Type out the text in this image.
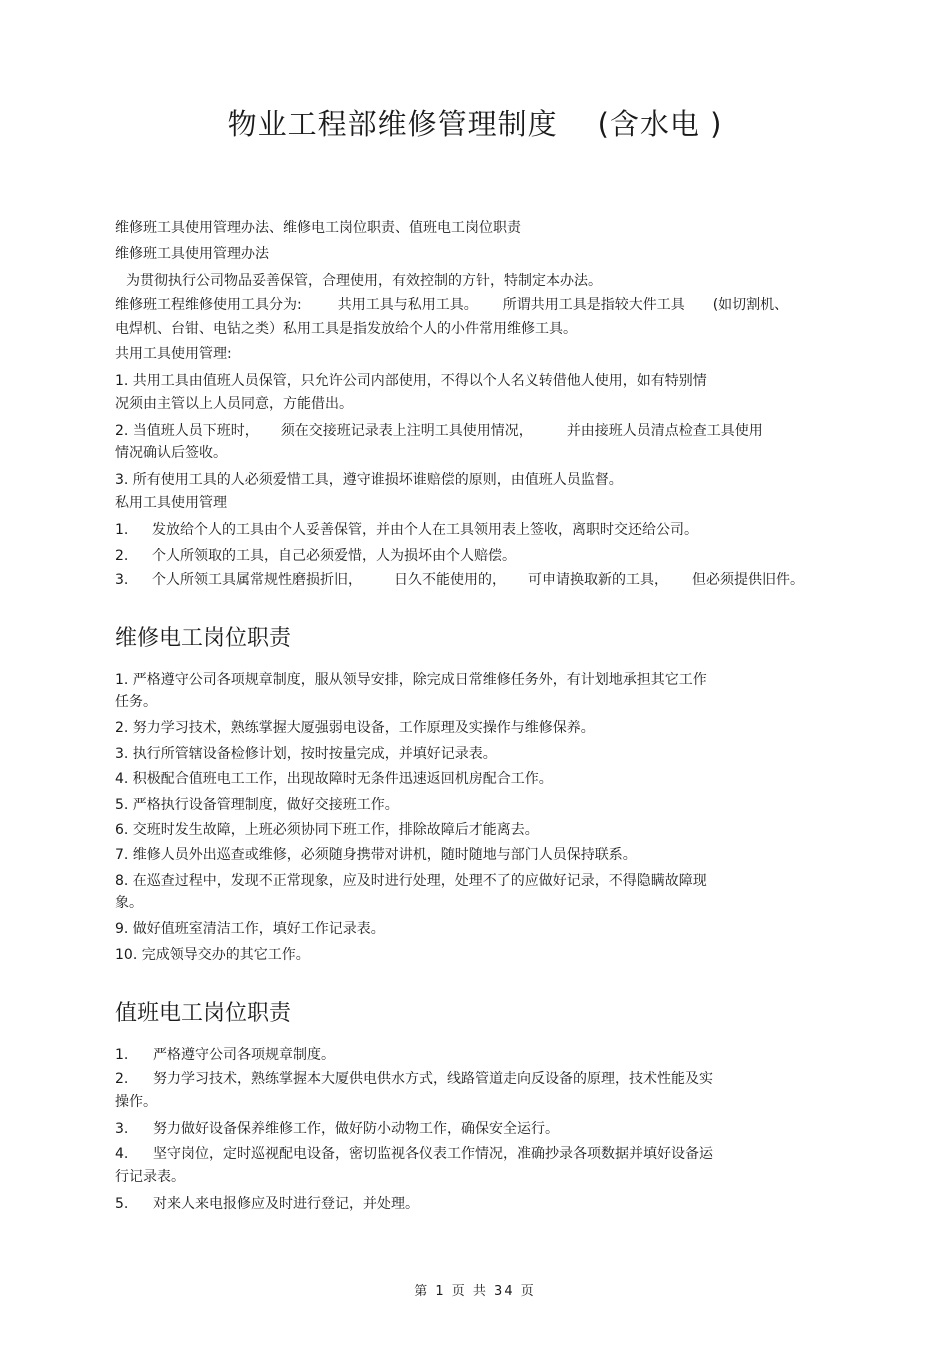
物业工程部维修管理制度 (含水电 )
维修班工具使用管理办法、维修电工岗位职责、值班电工岗位职责
维修班工具使用管理办法
为贯彻执行公司物品妥善保管，合理使用，有效控制的方针，特制定本办法。
维修班工程维修使用工具分为:	共用工具与私用工具。 所谓共用工具是指较大件工具 (如切割机、
电焊机、台钳、电钻之类）私用工具是指发放给个人的小件常用维修工具。
共用工具使用管理:
1. 共用工具由值班人员保管，只允许公司内部使用，不得以个人名义转借他人使用，如有特别情
况须由主管以上人员同意，方能借出。
2. 当值班人员下班时， 须在交接班记录表上注明工具使用情况， 并由接班人员清点检查工具使用
情况确认后签收。
3. 所有使用工具的人必须爱惜工具，遵守谁损坏谁赔偿的原则，由值班人员监督。
私用工具使用管理
1. 发放给个人的工具由个人妥善保管，并由个人在工具领用表上签收，离职时交还给公司。
2. 个人所领取的工具，自己必须爱惜，人为损坏由个人赔偿。
3. 个人所领工具属常规性磨损折旧， 日久不能使用的， 可申请换取新的工具， 但必须提供旧件。
维修电工岗位职责
1. 严格遵守公司各项规章制度，服从领导安排，除完成日常维修任务外，有计划地承担其它工作
任务。
2. 努力学习技术，熟练掌握大厦强弱电设备，工作原理及实操作与维修保养。
3. 执行所管辖设备检修计划，按时按量完成，并填好记录表。
4. 积极配合值班电工工作，出现故障时无条件迅速返回机房配合工作。
5. 严格执行设备管理制度，做好交接班工作。
6. 交班时发生故障，上班必须协同下班工作，排除故障后才能离去。
7. 维修人员外出巡查或维修，必须随身携带对讲机，随时随地与部门人员保持联系。
8. 在巡查过程中，发现不正常现象，应及时进行处理，处理不了的应做好记录，不得隐瞒故障现
象。
9. 做好值班室清洁工作，填好工作记录表。
10. 完成领导交办的其它工作。
值班电工岗位职责
1. 严格遵守公司各项规章制度。
2. 努力学习技术，熟练掌握本大厦供电供水方式，线路管道走向反设备的原理，技术性能及实
操作。
3. 努力做好设备保养维修工作，做好防小动物工作，确保安全运行。
4. 坚守岗位，定时巡视配电设备，密切监视各仪表工作情况，准确抄录各项数据并填好设备运
行记录表。
5. 对来人来电报修应及时进行登记，并处理。
第 1 页 共 34 页
